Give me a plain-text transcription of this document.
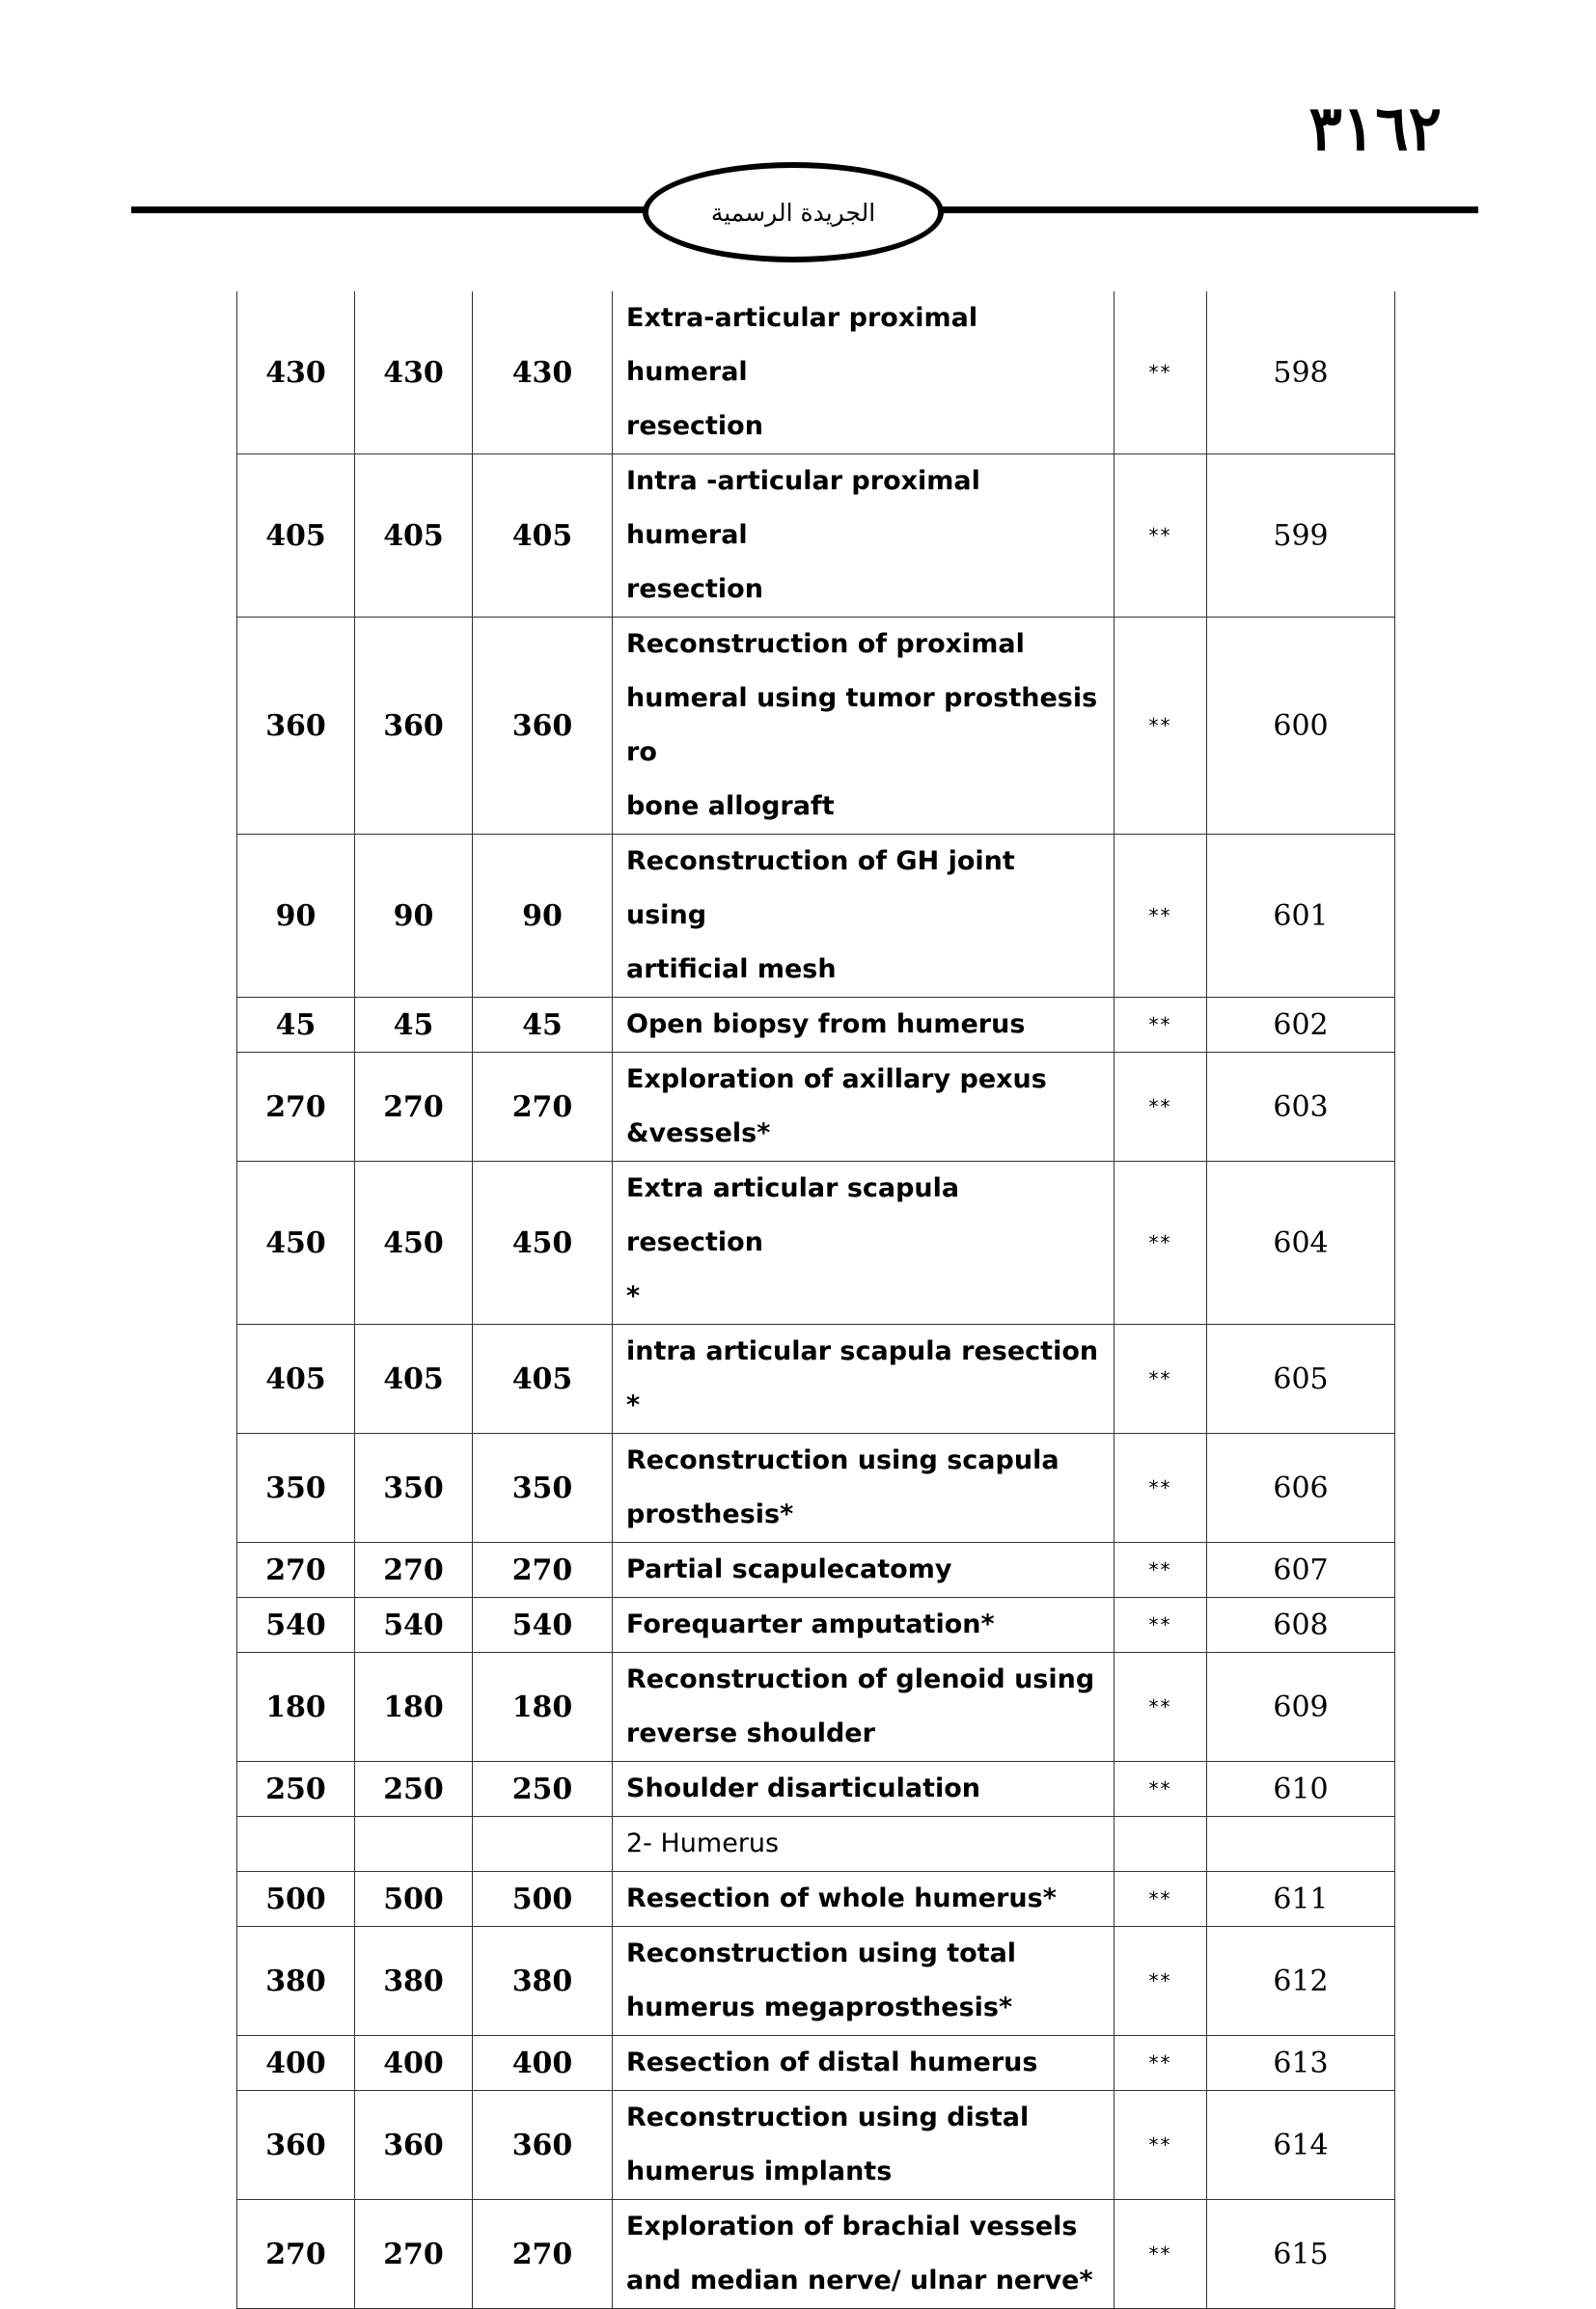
٣١٦٢
الجريدة الرسمية
430	430	430	Extra-articular proximal humeral
resection	**	598
405	405	405	Intra -articular proximal humeral
resection	**	599
360	360	360	Reconstruction of proximal
humeral using tumor prosthesis
ro
bone allograft	**	600
90	90	90	Reconstruction of GH joint using
artificial mesh	**	601
45	45	45	Open biopsy from humerus	**	602
270	270	270	Exploration of axillary pexus
&vessels*	**	603
450	450	450	Extra articular scapula resection
*	**	604
405	405	405	intra articular scapula resection
*	**	605
350	350	350	Reconstruction using scapula
prosthesis*	**	606
270	270	270	Partial scapulecatomy	**	607
540	540	540	Forequarter amputation*	**	608
180	180	180	Reconstruction of glenoid using
reverse shoulder	**	609
250	250	250	Shoulder disarticulation	**	610

			2- Humerus		

500	500	500	Resection of whole humerus*	**	611
380	380	380	Reconstruction using total
humerus megaprosthesis*	**	612
400	400	400	Resection of distal humerus	**	613
360	360	360	Reconstruction using distal
humerus implants	**	614
270	270	270	Exploration of brachial vessels
and median nerve/ ulnar nerve*	**	615
